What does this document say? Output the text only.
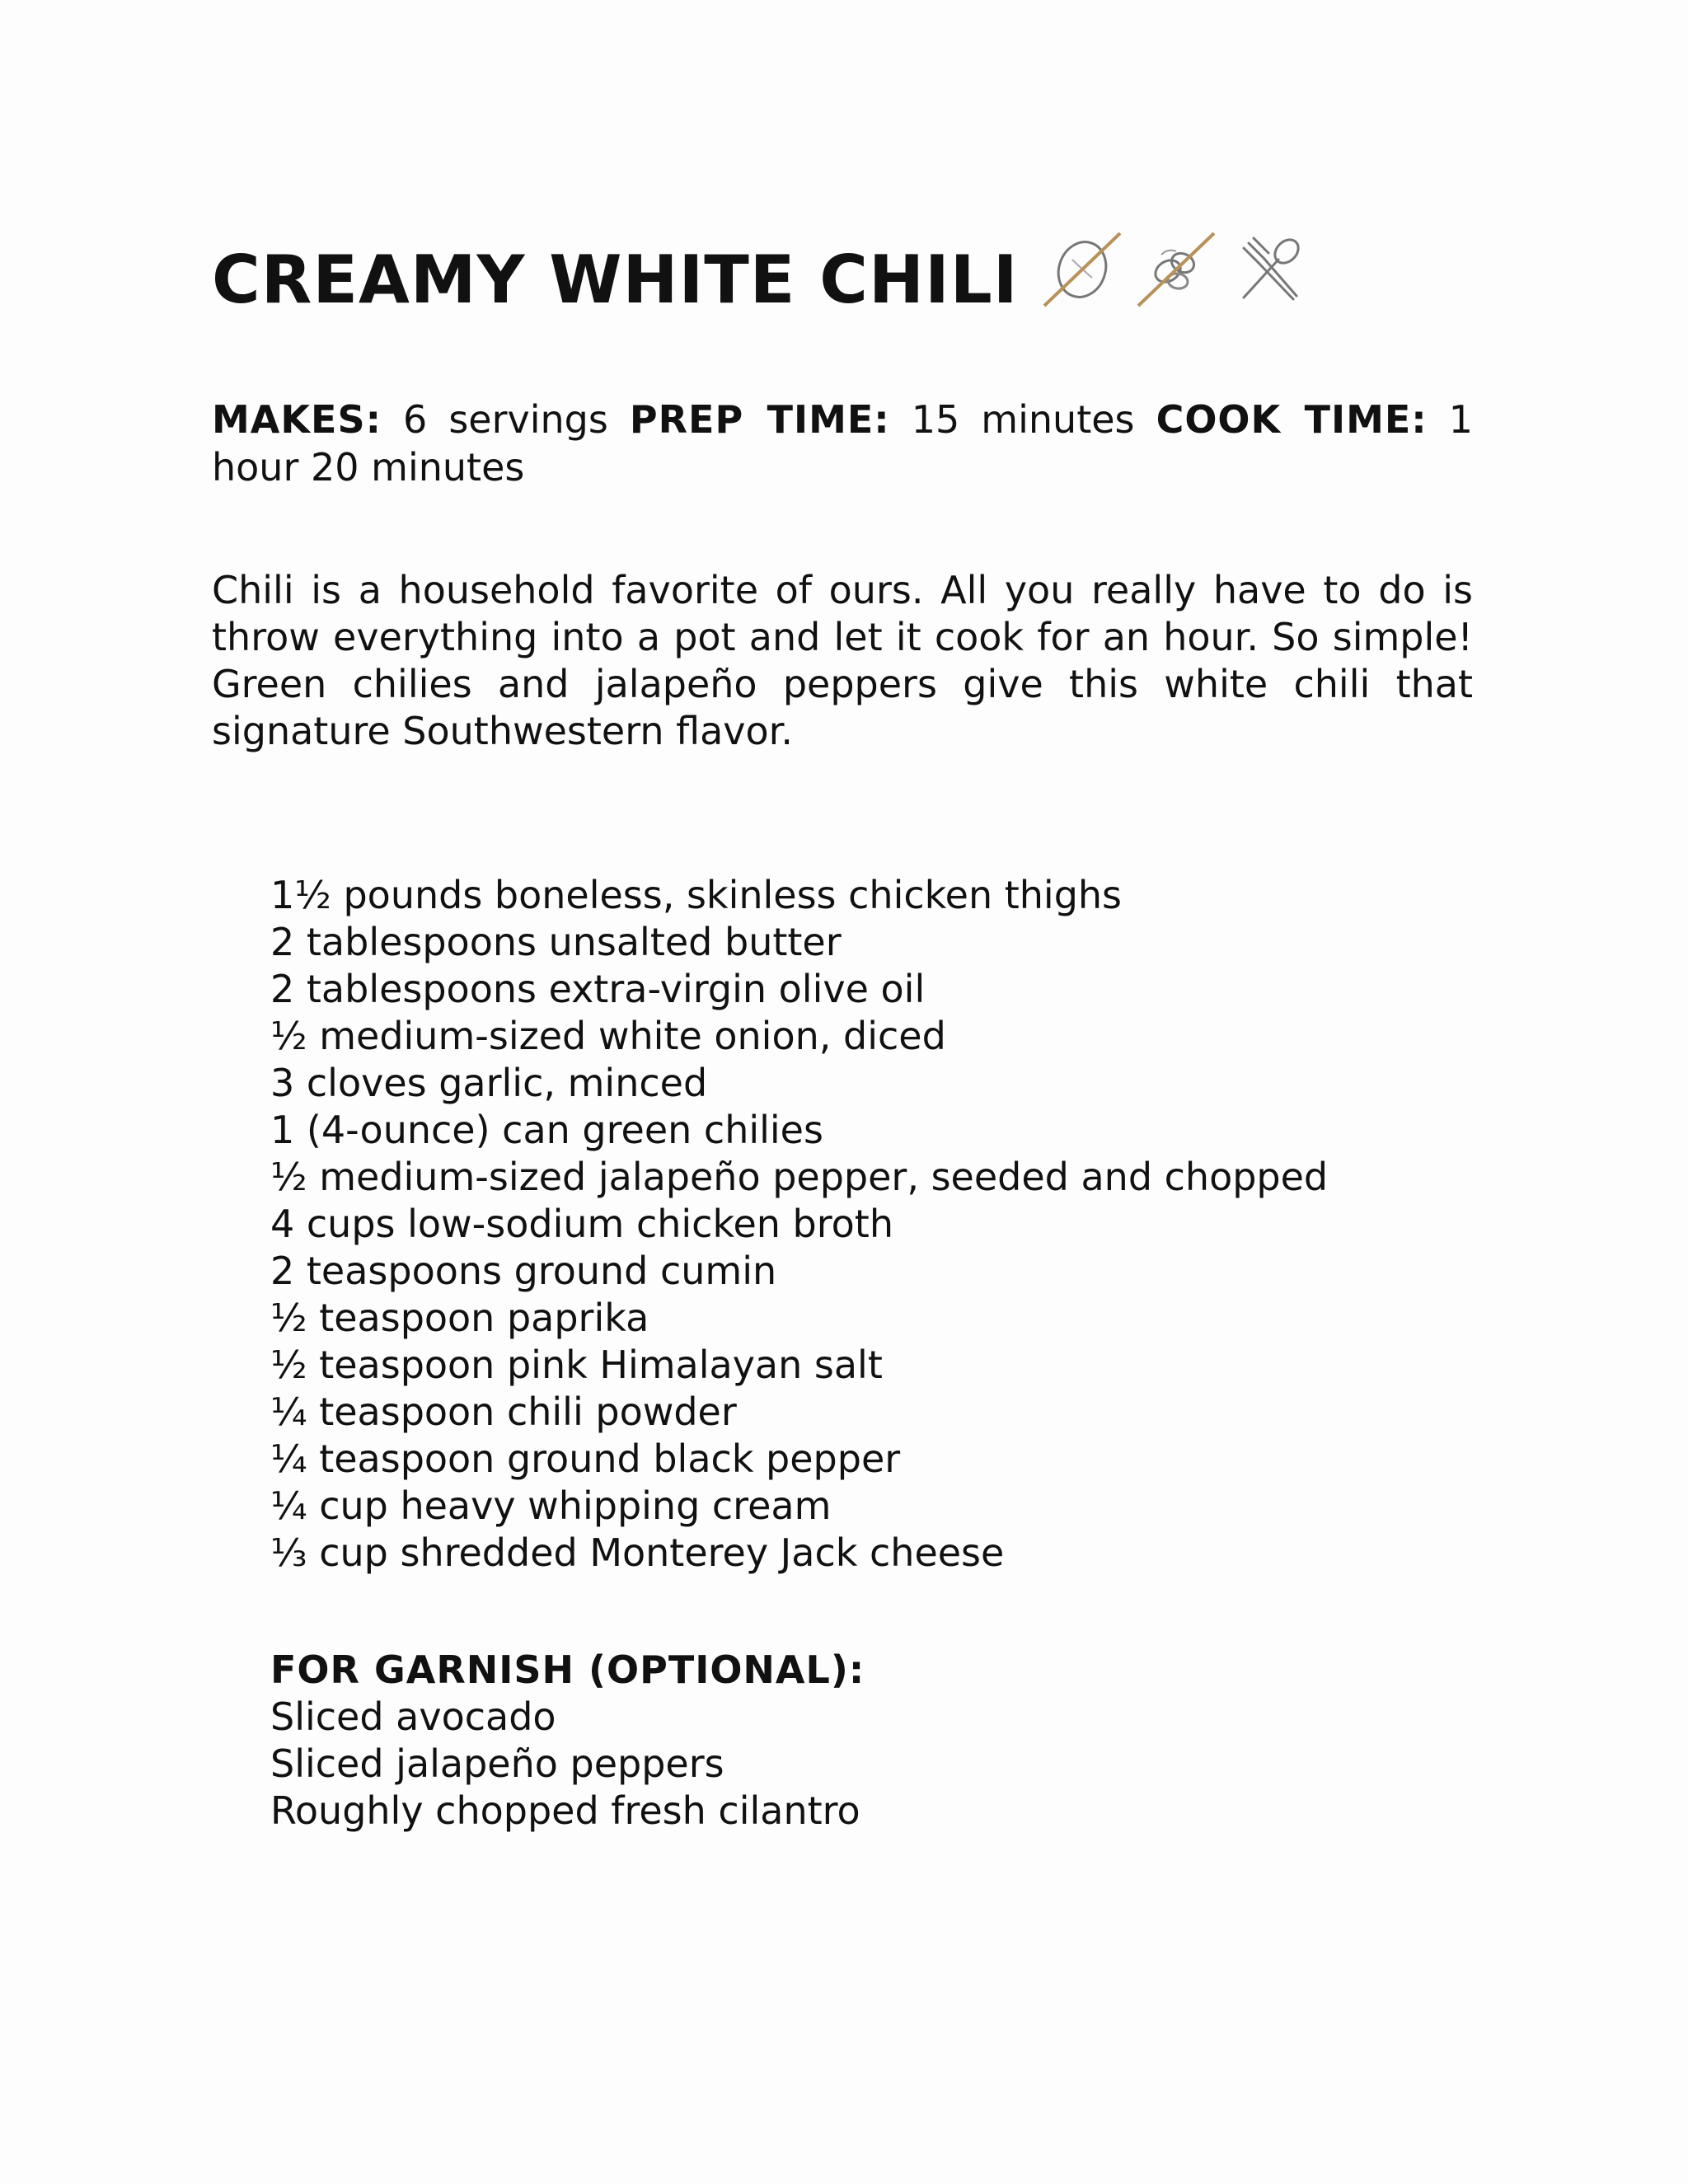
CREAMY WHITE CHILI

MAKES: 6 servings PREP TIME: 15 minutes COOK TIME: 1 hour 20 minutes

Chili is a household favorite of ours. All you really have to do is throw everything into a pot and let it cook for an hour. So simple! Green chilies and jalapeño peppers give this white chili that signature Southwestern flavor.

1½ pounds boneless, skinless chicken thighs
2 tablespoons unsalted butter
2 tablespoons extra-virgin olive oil
½ medium-sized white onion, diced
3 cloves garlic, minced
1 (4-ounce) can green chilies
½ medium-sized jalapeño pepper, seeded and chopped
4 cups low-sodium chicken broth
2 teaspoons ground cumin
½ teaspoon paprika
½ teaspoon pink Himalayan salt
¼ teaspoon chili powder
¼ teaspoon ground black pepper
¼ cup heavy whipping cream
⅓ cup shredded Monterey Jack cheese

FOR GARNISH (OPTIONAL):

Sliced avocado
Sliced jalapeño peppers
Roughly chopped fresh cilantro
